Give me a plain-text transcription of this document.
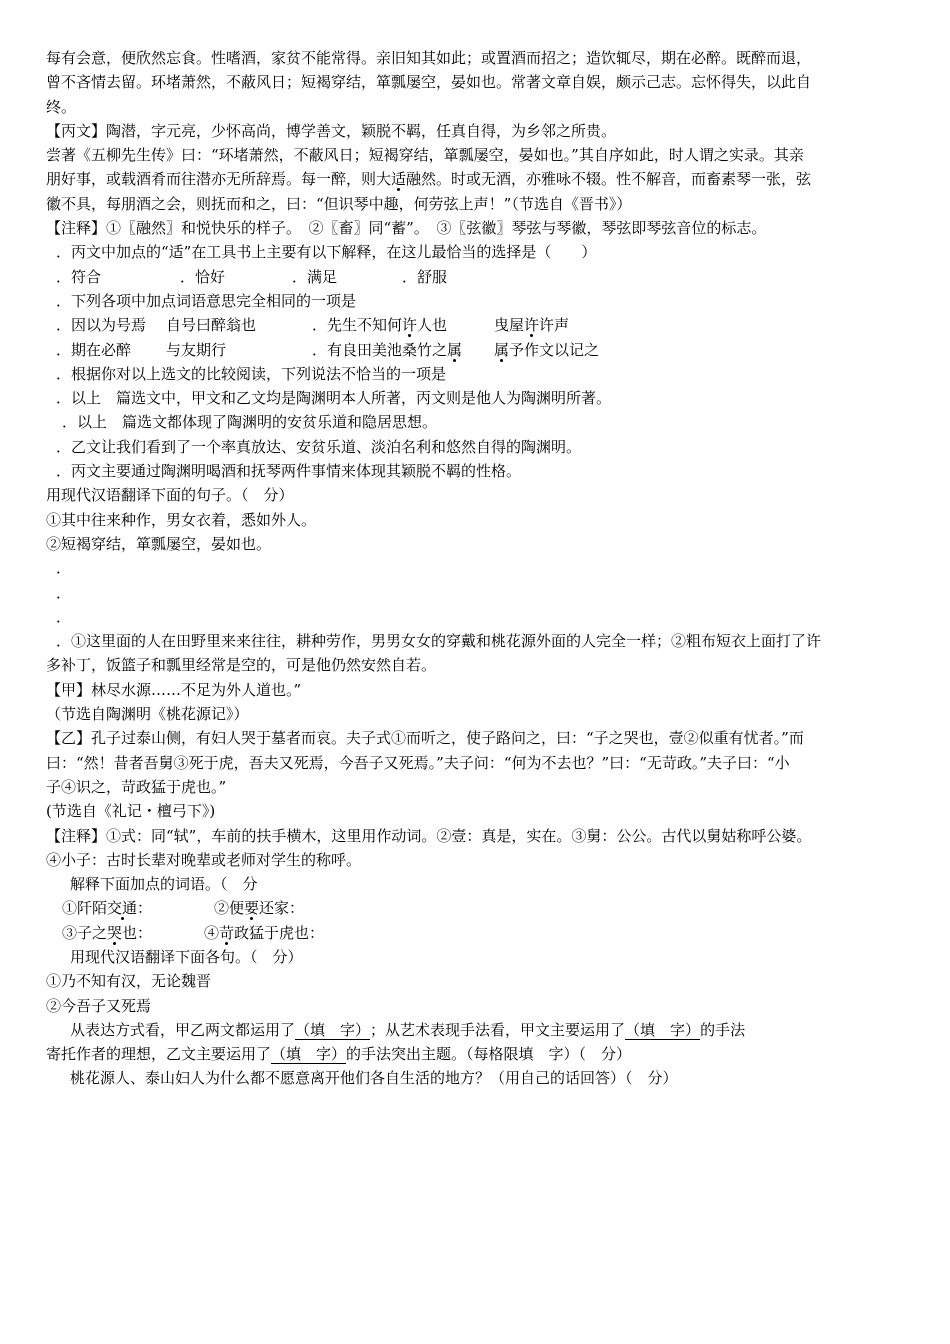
每有会意，便欣然忘食。性嗜酒，家贫不能常得。亲旧知其如此；或置酒而招之；造饮辄尽，期在必醉。既醉而退，
曾不吝情去留。环堵萧然，不蔽风日；短褐穿结，箪瓢屡空，晏如也。常著文章自娱，颇示己志。忘怀得失，以此自
终。
【丙文】陶潜，字元亮，少怀高尚，博学善文，颖脱不羁，任真自得，为乡邻之所贵。
尝著《五柳先生传》曰：“环堵萧然，不蔽风日；短褐穿结，箪瓢屡空，晏如也。”其自序如此，时人谓之实录。其亲
朋好事，或载酒肴而往潜亦无所辞焉。每一醉，则大适融然。时或无酒，亦雅咏不辍。性不解音，而畜素琴一张，弦
徽不具，每朋酒之会，则抚而和之，曰：“但识琴中趣，何劳弦上声！”（节选自《晋书》）
【注释】①〖融然〗和悦快乐的样子。　②〖畜〗同“蓄”。　③〖弦徽〗琴弦与琴徽，琴弦即琴弦音位的标志。
．丙文中加点的“适”在工具书上主要有以下解释，在这儿最恰当的选择是（　　）
．符合	．恰好	．满足	．舒服
．下列各项中加点词语意思完全相同的一项是
．因以为号焉 自号曰醉翁也	．先生不知何许人也	曳屋许许声
．期在必醉 与友期行	．有良田美池桑竹之属 属予作文以记之
．根据你对以上选文的比较阅读，下列说法不恰当的一项是
．以上　篇选文中，甲文和乙文均是陶渊明本人所著，丙文则是他人为陶渊明所著。
．以上　篇选文都体现了陶渊明的安贫乐道和隐居思想。
．乙文让我们看到了一个率真放达、安贫乐道、淡泊名利和悠然自得的陶渊明。
．丙文主要通过陶渊明喝酒和抚琴两件事情来体现其颖脱不羁的性格。
用现代汉语翻译下面的句子。（　分）
①其中往来种作，男女衣着，悉如外人。
②短褐穿结，箪瓢屡空，晏如也。
．
．
．
．①这里面的人在田野里来来往往，耕种劳作，男男女女的穿戴和桃花源外面的人完全一样；②粗布短衣上面打了许
多补丁，饭篮子和瓢里经常是空的，可是他仍然安然自若。
【甲】林尽水源……不足为外人道也。”
（节选自陶渊明《桃花源记》）
【乙】孔子过泰山侧，有妇人哭于墓者而哀。夫子式①而听之，使子路问之，曰：“子之哭也，壹②似重有忧者。”而
曰：“然！昔者吾舅③死于虎，吾夫又死焉，今吾子又死焉。”夫子问：“何为不去也？”曰：“无苛政。”夫子曰：“小
子④识之，苛政猛于虎也。”
(节选自《礼记・檀弓下》)
【注释】①式：同“轼”，车前的扶手横木，这里用作动词。②壹：真是，实在。③舅：公公。古代以舅姑称呼公婆。
④小子：古时长辈对晚辈或老师对学生的称呼。
解释下面加点的词语。（　分
①阡陌交通：	②便要还家：
③子之哭也：	④苛政猛于虎也：
用现代汉语翻译下面各句。（　分）
①乃不知有汉，无论魏晋
②今吾子又死焉
从表达方式看，甲乙两文都运用了（填　字）；从艺术表现手法看，甲文主要运用了（填　字）的手法
寄托作者的理想，乙文主要运用了（填　字）的手法突出主题。（每格限填　字）（　分）
桃花源人、泰山妇人为什么都不愿意离开他们各自生活的地方？（用自己的话回答）（　分）
